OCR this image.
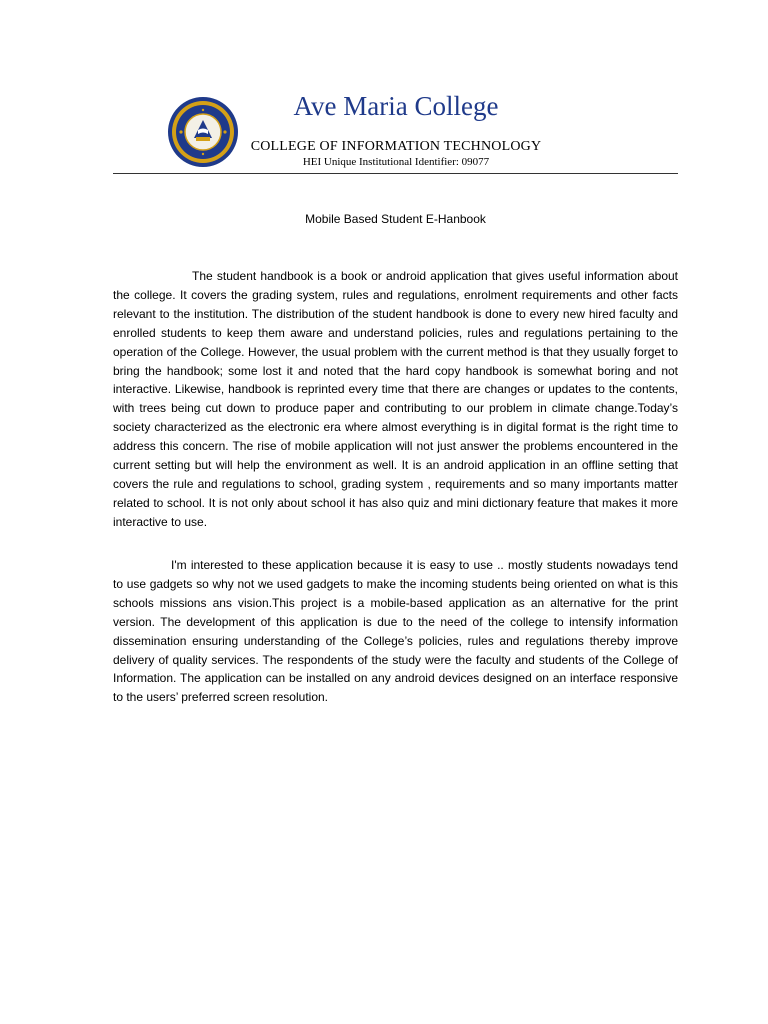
Ave Maria College
COLLEGE OF INFORMATION TECHNOLOGY
HEI Unique Institutional Identifier: 09077
Mobile Based Student E-Hanbook

The student handbook is a book or android application that gives useful information about the college. It covers the grading system, rules and regulations, enrolment requirements and other facts relevant to the institution. The distribution of the student handbook is done to every new hired faculty and enrolled students to keep them aware and understand policies, rules and regulations pertaining to the operation of the College. However, the usual problem with the current method is that they usually forget to bring the handbook; some lost it and noted that the hard copy handbook is somewhat boring and not interactive. Likewise, handbook is reprinted every time that there are changes or updates to the contents, with trees being cut down to produce paper and contributing to our problem in climate change.Today’s society characterized as the electronic era where almost everything is in digital format is the right time to address this concern. The rise of mobile application will not just answer the problems encountered in the current setting but will help the environment as well. It is an android application in an offline setting that covers the rule and regulations to school, grading system , requirements and so many importants matter related to school. It is not only about school it has also quiz and mini dictionary feature that makes it more interactive to use.

I'm interested to these application because it is easy to use .. mostly students nowadays tend to use gadgets so why not we used gadgets to make the incoming students being oriented on what is this schools missions ans vision.This project is a mobile-based application as an alternative for the print version. The development of this application is due to the need of the college to intensify information dissemination ensuring understanding of the College’s policies, rules and regulations thereby improve delivery of quality services. The respondents of the study were the faculty and students of the College of Information. The application can be installed on any android devices designed on an interface responsive to the users’ preferred screen resolution.
